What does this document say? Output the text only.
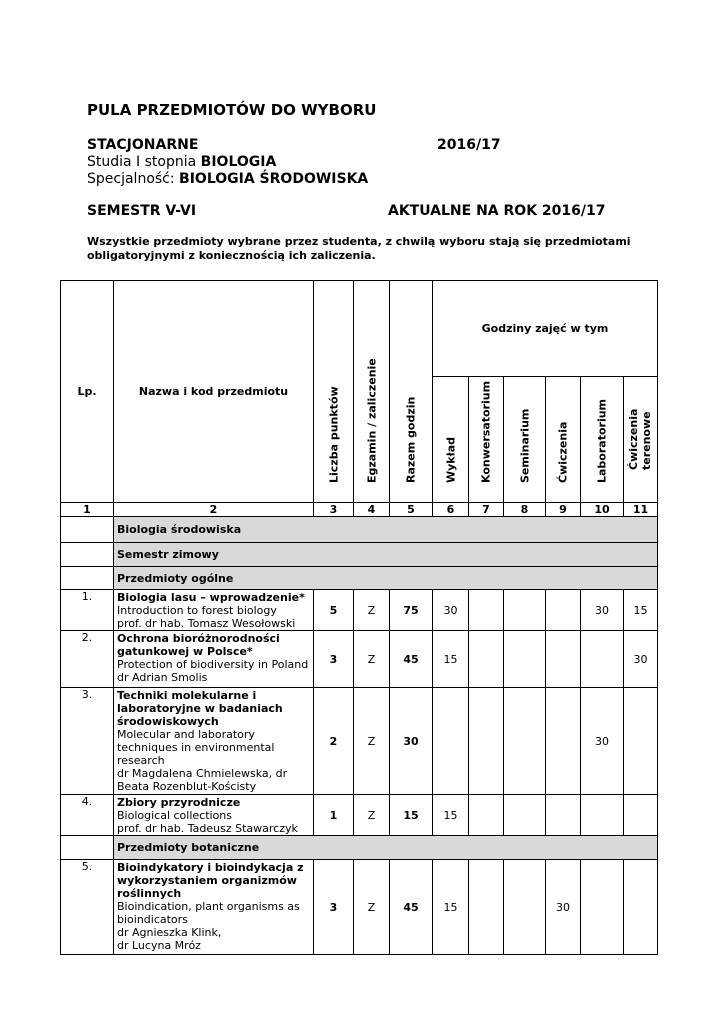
PULA PRZEDMIOTÓW DO WYBORU
STACJONARNE	2016/17
Studia I stopnia BIOLOGIA
Specjalność: BIOLOGIA ŚRODOWISKA
SEMESTR V-VI	AKTUALNE NA ROK 2016/17
Wszystkie przedmioty wybrane przez studenta, z chwilą wyboru stają się przedmiotami obligatoryjnymi z koniecznością ich zaliczenia.
Lp.	Nazwa i kod przedmiotu	Liczba punktów	Egzamin / zaliczenie	Razem godzin	Godziny zajęć w tym					

					Wykład	Konwersatorium	Seminarium	Ćwiczenia	Laboratorium	Ćwiczenia
terenowe

1	2	3	4	5	6	7	8	9	10	11
	Biologia środowiska									
	Semestr zimowy									
	Przedmioty ogólne									
1.	Biologia lasu – wprowadzenie*
Introduction to forest biology
prof. dr hab. Tomasz Wesołowski	5	Z	75	30				30	15
2.	Ochrona bioróżnorodności gatunkowej w Polsce*
Protection of biodiversity in Poland
dr Adrian Smolis	3	Z	45	15					30
3.	Techniki molekularne i laboratoryjne w badaniach środowiskowych
Molecular and laboratory techniques in environmental research
dr Magdalena Chmielewska, dr Beata Rozenblut-Kościsty	2	Z	30					30	
4.	Zbiory przyrodnicze
Biological collections
prof. dr hab. Tadeusz Stawarczyk	1	Z	15	15					
	Przedmioty botaniczne									
5.	Bioindykatory i bioindykacja z wykorzystaniem organizmów roślinnych
Bioindication, plant organisms as bioindicators
dr Agnieszka Klink,
dr Lucyna Mróz	3	Z	45	15			30		
